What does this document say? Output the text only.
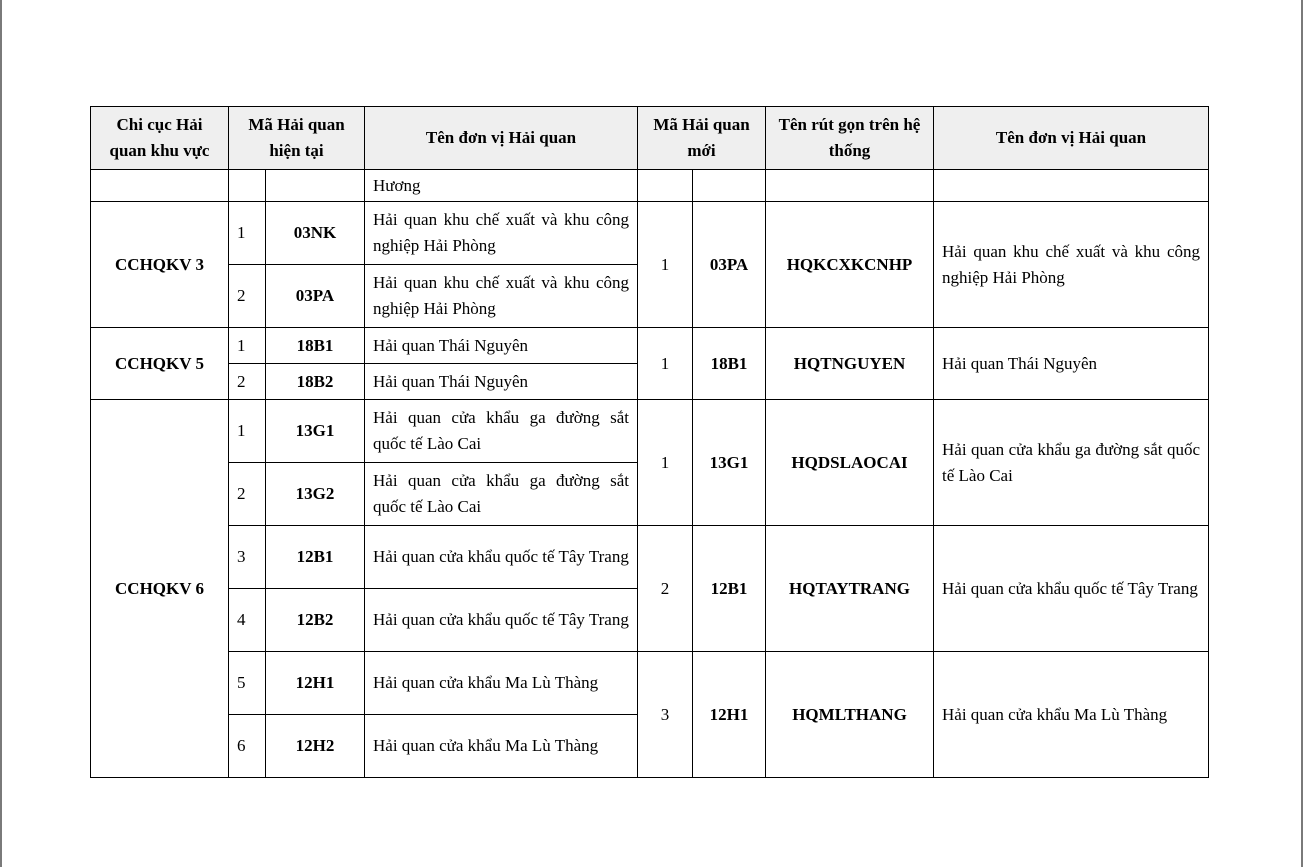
Chi cục Hải quan khu vực	Mã Hải quan hiện tại		Tên đơn vị Hải quan	Mã Hải quan mới		Tên rút gọn trên hệ thống	Tên đơn vị Hải quan
			Hương				
CCHQKV 3	1	03NK	Hải quan khu chế xuất và khu công nghiệp Hải Phòng	1	03PA	HQKCXKCNHP	Hải quan khu chế xuất và khu công nghiệp Hải Phòng
	2	03PA	Hải quan khu chế xuất và khu công nghiệp Hải Phòng				
CCHQKV 5	1	18B1	Hải quan Thái Nguyên	1	18B1	HQTNGUYEN	Hải quan Thái Nguyên
	2	18B2	Hải quan Thái Nguyên				
CCHQKV 6	1	13G1	Hải quan cửa khẩu ga đường sắt quốc tế Lào Cai	1	13G1	HQDSLAOCAI	Hải quan cửa khẩu ga đường sắt quốc tế Lào Cai
	2	13G2	Hải quan cửa khẩu ga đường sắt quốc tế Lào Cai				
	3	12B1	Hải quan cửa khẩu quốc tế Tây Trang	2	12B1	HQTAYTRANG	Hải quan cửa khẩu quốc tế Tây Trang
	4	12B2	Hải quan cửa khẩu quốc tế Tây Trang				
	5	12H1	Hải quan cửa khẩu Ma Lù Thàng	3	12H1	HQMLTHANG	Hải quan cửa khẩu Ma Lù Thàng
	6	12H2	Hải quan cửa khẩu Ma Lù Thàng				
